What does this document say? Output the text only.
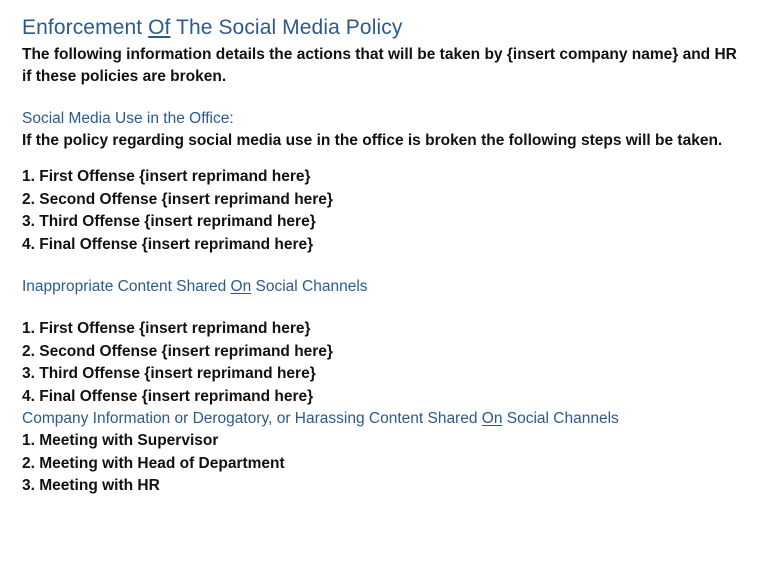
Enforcement Of The Social Media Policy

The following information details the actions that will be taken by {insert company name} and HR if these policies are broken.

Social Media Use in the Office:

If the policy regarding social media use in the office is broken the following steps will be taken.

1. First Offense {insert reprimand here}
2. Second Offense {insert reprimand here}
3. Third Offense {insert reprimand here}
4. Final Offense {insert reprimand here}
Inappropriate Content Shared On Social Channels
1. First Offense {insert reprimand here}
2. Second Offense {insert reprimand here}
3. Third Offense {insert reprimand here}
4. Final Offense {insert reprimand here}
Company Information or Derogatory, or Harassing Content Shared On Social Channels
1. Meeting with Supervisor
2. Meeting with Head of Department
3. Meeting with HR
